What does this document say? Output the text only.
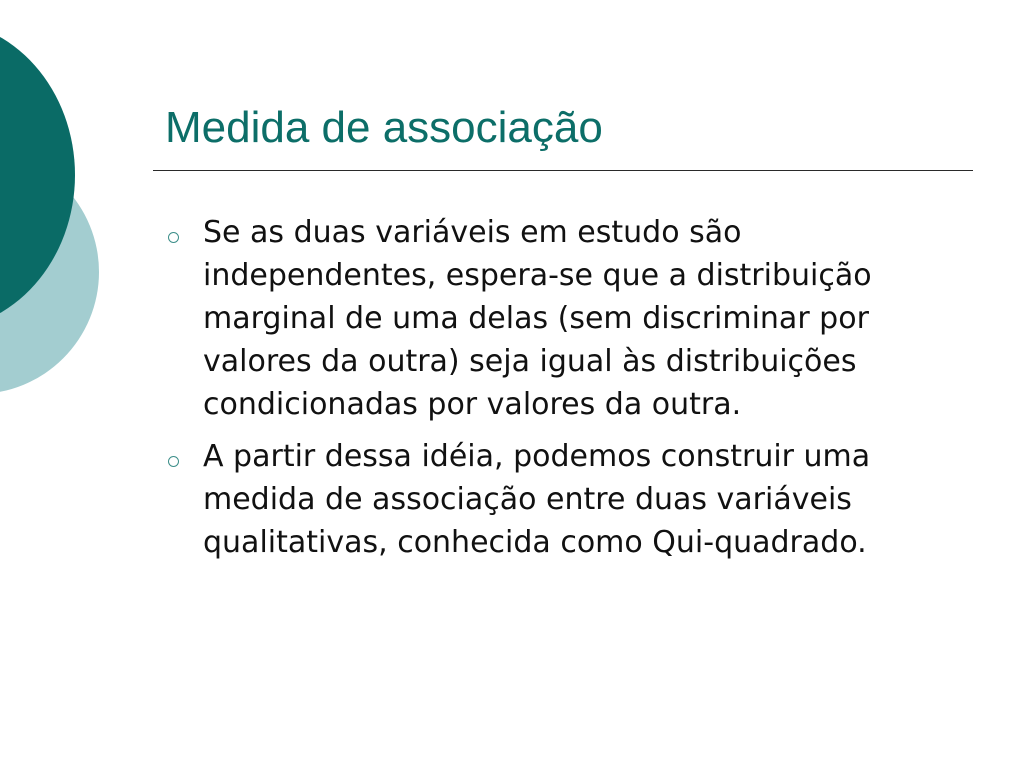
Medida de associação
Se as duas variáveis em estudo são independentes, espera-se que a distribuição marginal de uma delas (sem discriminar por valores da outra) seja igual às distribuições condicionadas por valores da outra.
A partir dessa idéia, podemos construir uma medida de associação entre duas variáveis qualitativas, conhecida como Qui-quadrado.
